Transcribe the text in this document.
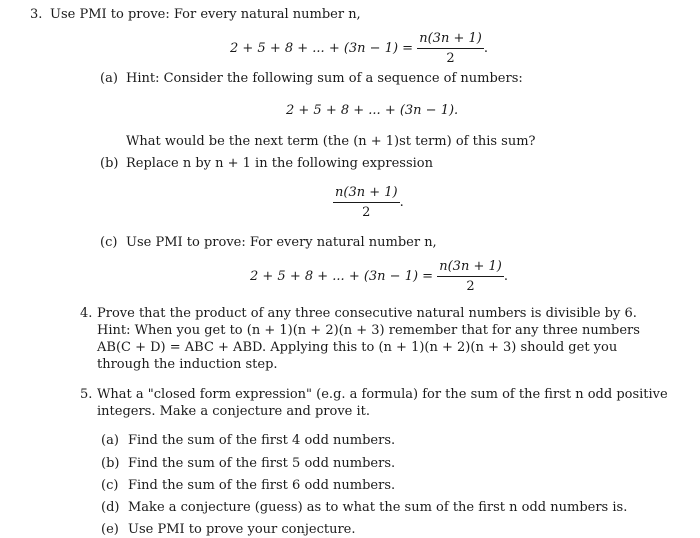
3. Use PMI to prove: For every natural number n,
2 + 5 + 8 + ... + $(3n - 1) = \frac{n(3n + 1)}{2}$ .
(a) Hint: Consider the following sum of a sequence of numbers:
2 + 5 + 8 + ... + (3n − 1).
What would be the next term (the (n + 1)st term) of this sum?
(b) Replace n by n + 1 in the following expression
$\frac{n(3n + 1)}{2}$ .
(c) Use PMI to prove: For every natural number n,
2 + 5 + 8 + ... + $(3n - 1) = \frac{n(3n + 1)}{2}$ .
4. Prove that the product of any three consecutive natural numbers is divisible by 6.
Hint: When you get to (n + 1)(n + 2)(n + 3) remember that for any three numbers
AB(C + D) = ABC + ABD. Applying this to (n + 1)(n + 2)(n + 3) should get you
through the induction step.
5. What a "closed form expression" (e.g. a formula) for the sum of the first n odd positive
integers. Make a conjecture and prove it.
(a) Find the sum of the first 4 odd numbers.
(b) Find the sum of the first 5 odd numbers.
(c) Find the sum of the first 6 odd numbers.
(d) Make a conjecture (guess) as to what the sum of the first n odd numbers is.
(e) Use PMI to prove your conjecture.
